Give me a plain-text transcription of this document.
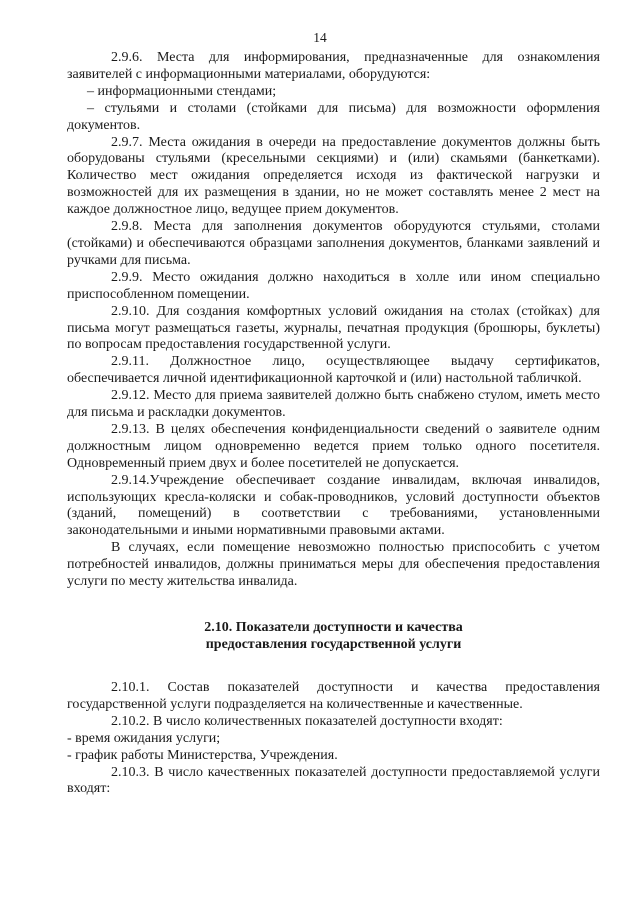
14

2.9.6. Места для информирования, предназначенные для ознакомления заявителей с информационными материалами, оборудуются:

– информационными стендами;

– стульями и столами (стойками для письма) для возможности оформления документов.

2.9.7. Места ожидания в очереди на предоставление документов должны быть оборудованы стульями (кресельными секциями) и (или) скамьями (банкетками). Количество мест ожидания определяется исходя из фактической нагрузки и возможностей для их размещения в здании, но не может составлять менее 2 мест на каждое должностное лицо, ведущее прием документов.

2.9.8. Места для заполнения документов оборудуются стульями, столами (стойками) и обеспечиваются образцами заполнения документов, бланками заявлений и ручками для письма.

2.9.9. Место ожидания должно находиться в холле или ином специально приспособленном помещении.

2.9.10. Для создания комфортных условий ожидания на столах (стойках) для письма могут размещаться газеты, журналы, печатная продукция (брошюры, буклеты) по вопросам предоставления государственной услуги.

2.9.11. Должностное лицо, осуществляющее выдачу сертификатов, обеспечивается личной идентификационной карточкой и (или) настольной табличкой.

2.9.12. Место для приема заявителей должно быть снабжено стулом, иметь место для письма и раскладки документов.

2.9.13. В целях обеспечения конфиденциальности сведений о заявителе одним должностным лицом одновременно ведется прием только одного посетителя. Одновременный прием двух и более посетителей не допускается.

2.9.14.Учреждение обеспечивает создание инвалидам, включая инвалидов, использующих кресла-коляски и собак-проводников, условий доступности объектов (зданий, помещений) в соответствии с требованиями, установленными законодательными и иными нормативными правовыми актами.

В случаях, если помещение невозможно полностью приспособить с учетом потребностей инвалидов, должны приниматься меры для обеспечения предоставления услуги по месту жительства инвалида.

2.10. Показатели доступности и качества
предоставления государственной услуги

2.10.1. Состав показателей доступности и качества предоставления государственной услуги подразделяется на количественные и качественные.

2.10.2. В число количественных показателей доступности входят:

- время ожидания услуги;

- график работы Министерства, Учреждения.

2.10.3. В число качественных показателей доступности предоставляемой услуги входят:
